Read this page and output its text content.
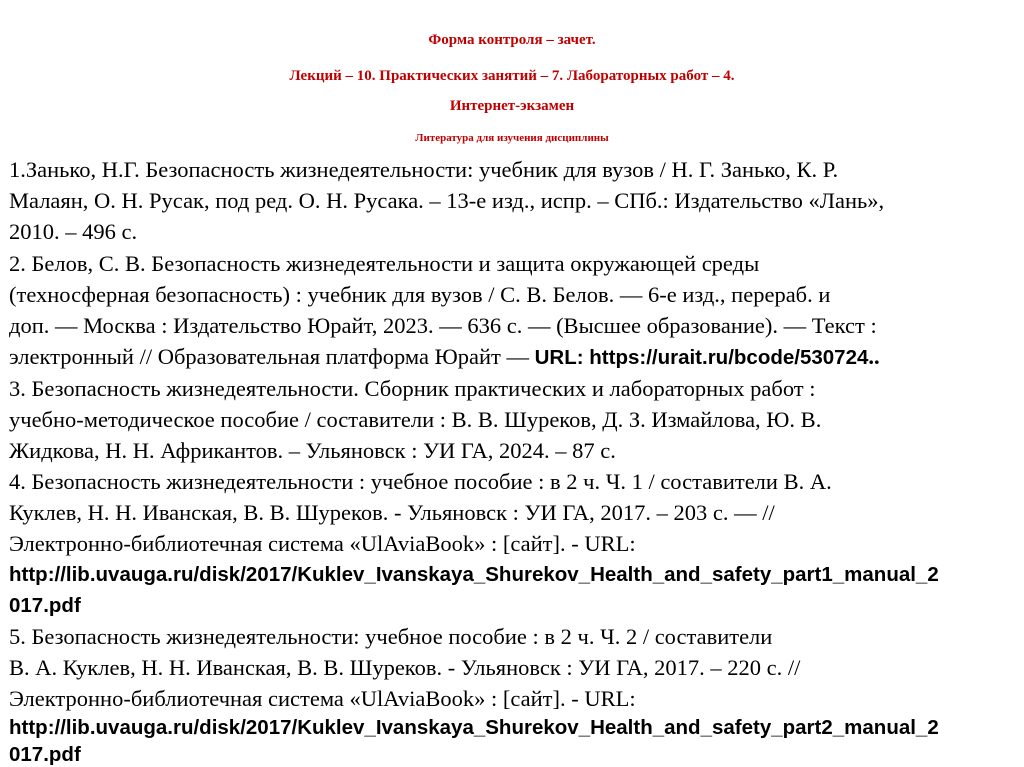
Форма контроля – зачет.
Лекций – 10. Практических занятий – 7. Лабораторных работ – 4.
Интернет-экзамен
Литература для изучения дисциплины
1.Занько, Н.Г. Безопасность жизнедеятельности: учебник для вузов / Н. Г. Занько, К. Р.
Малаян, О. Н. Русак, под ред. О. Н. Русака. – 13-е изд., испр. – СПб.: Издательство «Лань»,
2010. – 496 с.
2. Белов, С. В. Безопасность жизнедеятельности и защита окружающей среды
(техносферная безопасность) : учебник для вузов / С. В. Белов. — 6-е изд., перераб. и
доп. — Москва : Издательство Юрайт, 2023. — 636 с. — (Высшее образование). — Текст :
электронный // Образовательная платформа Юрайт — URL: https://urait.ru/bcode/530724..
3. Безопасность жизнедеятельности. Сборник практических и лабораторных работ :
учебно-методическое пособие / составители : В. В. Шуреков, Д. З. Измайлова, Ю. В.
Жидкова, Н. Н. Африкантов. – Ульяновск : УИ ГА, 2024. – 87 с.
4. Безопасность жизнедеятельности : учебное пособие : в 2 ч. Ч. 1 / составители В. А.
Куклев, Н. Н. Иванская, В. В. Шуреков. - Ульяновск : УИ ГА, 2017. – 203 с. — //
Электронно-библиотечная система «UlAviaBook» : [сайт]. - URL:
http://lib.uvauga.ru/disk/2017/Kuklev_Ivanskaya_Shurekov_Health_and_safety_part1_manual_2
017.pdf
5. Безопасность жизнедеятельности: учебное пособие : в 2 ч. Ч. 2 / составители
В. А. Куклев, Н. Н. Иванская, В. В. Шуреков. - Ульяновск : УИ ГА, 2017. – 220 с. //
Электронно-библиотечная система «UlAviaBook» : [сайт]. - URL:
http://lib.uvauga.ru/disk/2017/Kuklev_Ivanskaya_Shurekov_Health_and_safety_part2_manual_2
017.pdf
